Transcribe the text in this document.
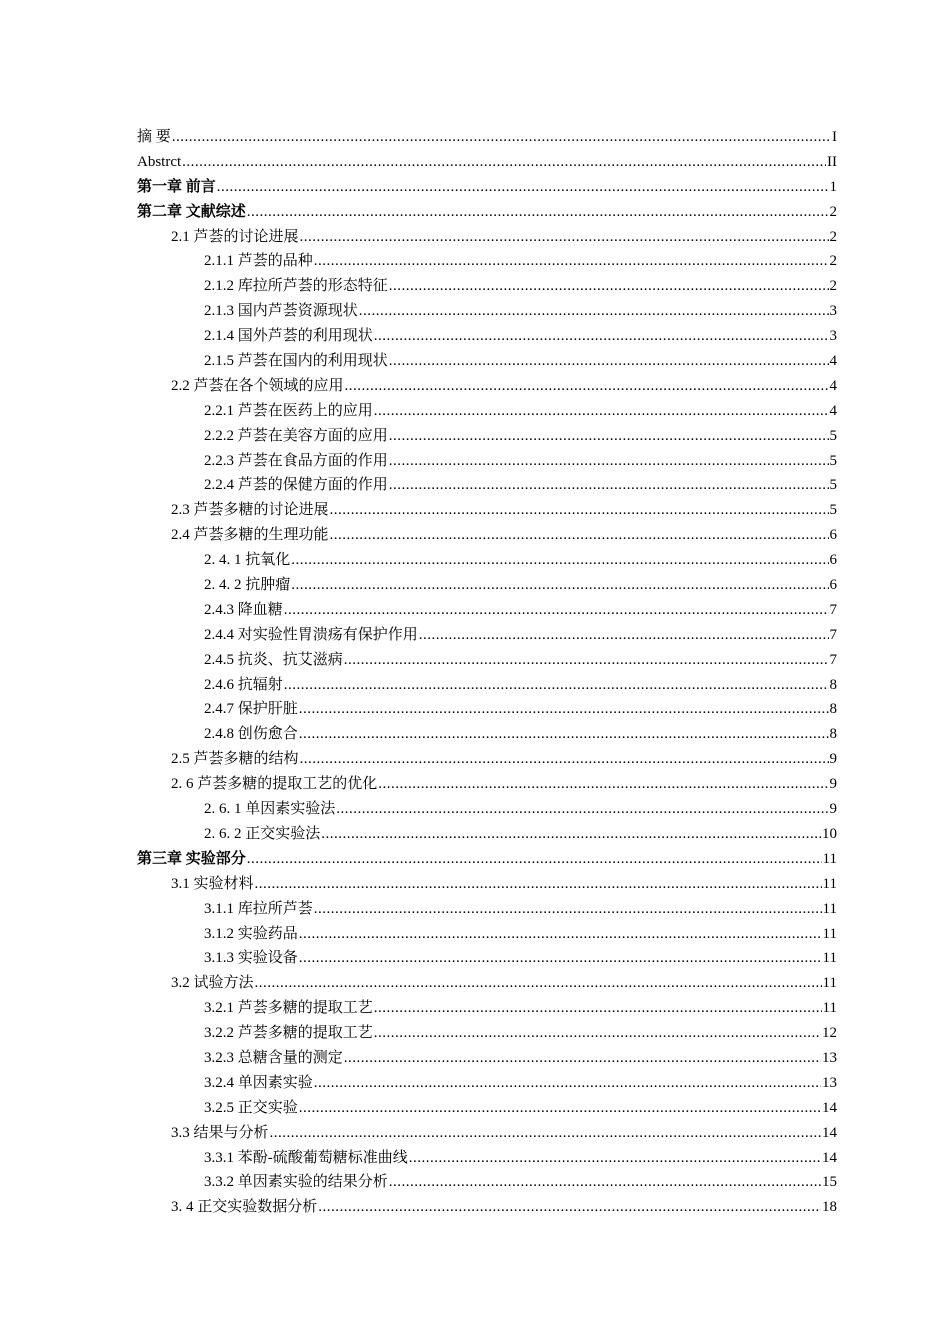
摘 要 .....	I
Abstrct .....	II
第一章 前言 .....	1
第二章 文献综述 .....	2
2.1 芦荟的讨论进展 .....	2
2.1.1 芦荟的品种 .....	2
2.1.2 库拉所芦荟的形态特征 .....	2
2.1.3 国内芦荟资源现状 .....	3
2.1.4 国外芦荟的利用现状 .....	3
2.1.5 芦荟在国内的利用现状 .....	4
2.2 芦荟在各个领域的应用 .....	4
2.2.1 芦荟在医药上的应用 .....	4
2.2.2 芦荟在美容方面的应用 .....	5
2.2.3 芦荟在食品方面的作用 .....	5
2.2.4 芦荟的保健方面的作用 .....	5
2.3 芦荟多糖的讨论进展 .....	5
2.4 芦荟多糖的生理功能 .....	6
2. 4. 1 抗氧化 .....	6
2. 4. 2 抗肿瘤 .....	6
2.4.3 降血糖 .....	7
2.4.4 对实验性胃溃疡有保护作用 .....	7
2.4.5 抗炎、抗艾滋病 .....	7
2.4.6 抗辐射 .....	8
2.4.7 保护肝脏 .....	8
2.4.8 创伤愈合 .....	8
2.5 芦荟多糖的结构 .....	9
2. 6 芦荟多糖的提取工艺的优化 .....	9
2. 6. 1 单因素实验法 .....	9
2. 6. 2 正交实验法 .....	10
第三章 实验部分 .....	11
3.1 实验材料 .....	11
3.1.1 库拉所芦荟 .....	11
3.1.2 实验药品 .....	11
3.1.3 实验设备 .....	11
3.2 试验方法 .....	11
3.2.1 芦荟多糖的提取工艺 .....	11
3.2.2 芦荟多糖的提取工艺 .....	12
3.2.3 总糖含量的测定 .....	13
3.2.4 单因素实验 .....	13
3.2.5 正交实验 .....	14
3.3 结果与分析 .....	14
3.3.1 苯酚-硫酸葡萄糖标准曲线 .....	14
3.3.2 单因素实验的结果分析 .....	15
3. 4 正交实验数据分析 .....	18
